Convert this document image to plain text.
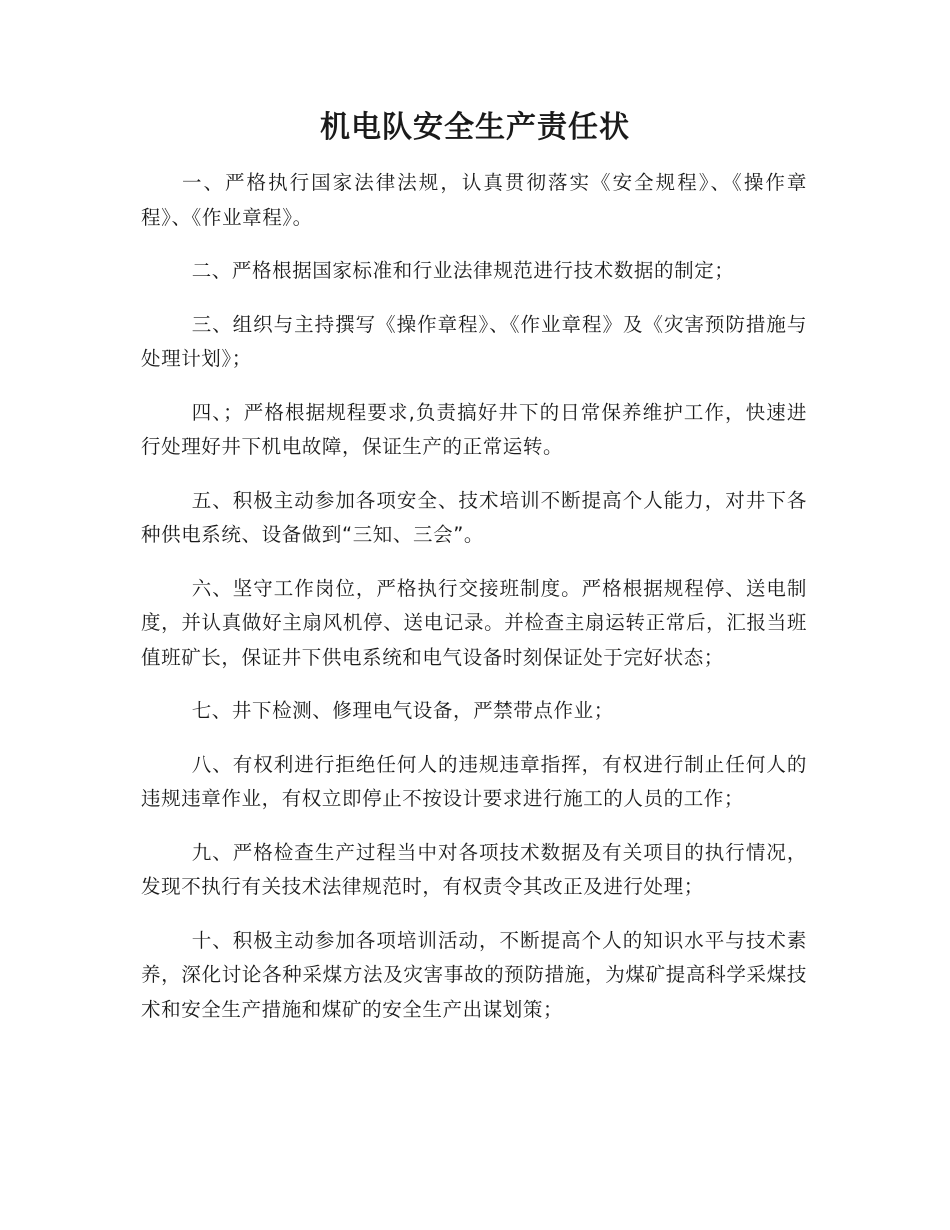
机电队安全生产责任状

一、严格执行国家法律法规，认真贯彻落实《安全规程》、《操作章程》、《作业章程》。

二、严格根据国家标准和行业法律规范进行技术数据的制定；

三、组织与主持撰写《操作章程》、《作业章程》及《灾害预防措施与处理计划》；

四、；严格根据规程要求,负责搞好井下的日常保养维护工作，快速进行处理好井下机电故障，保证生产的正常运转。

五、积极主动参加各项安全、技术培训不断提高个人能力，对井下各种供电系统、设备做到“三知、三会”。

六、坚守工作岗位，严格执行交接班制度。严格根据规程停、送电制度，并认真做好主扇风机停、送电记录。并检查主扇运转正常后，汇报当班值班矿长，保证井下供电系统和电气设备时刻保证处于完好状态；

七、井下检测、修理电气设备，严禁带点作业；

八、有权利进行拒绝任何人的违规违章指挥，有权进行制止任何人的违规违章作业，有权立即停止不按设计要求进行施工的人员的工作；

九、严格检查生产过程当中对各项技术数据及有关项目的执行情况，发现不执行有关技术法律规范时，有权责令其改正及进行处理；

十、积极主动参加各项培训活动，不断提高个人的知识水平与技术素养，深化讨论各种采煤方法及灾害事故的预防措施，为煤矿提高科学采煤技术和安全生产措施和煤矿的安全生产出谋划策；
